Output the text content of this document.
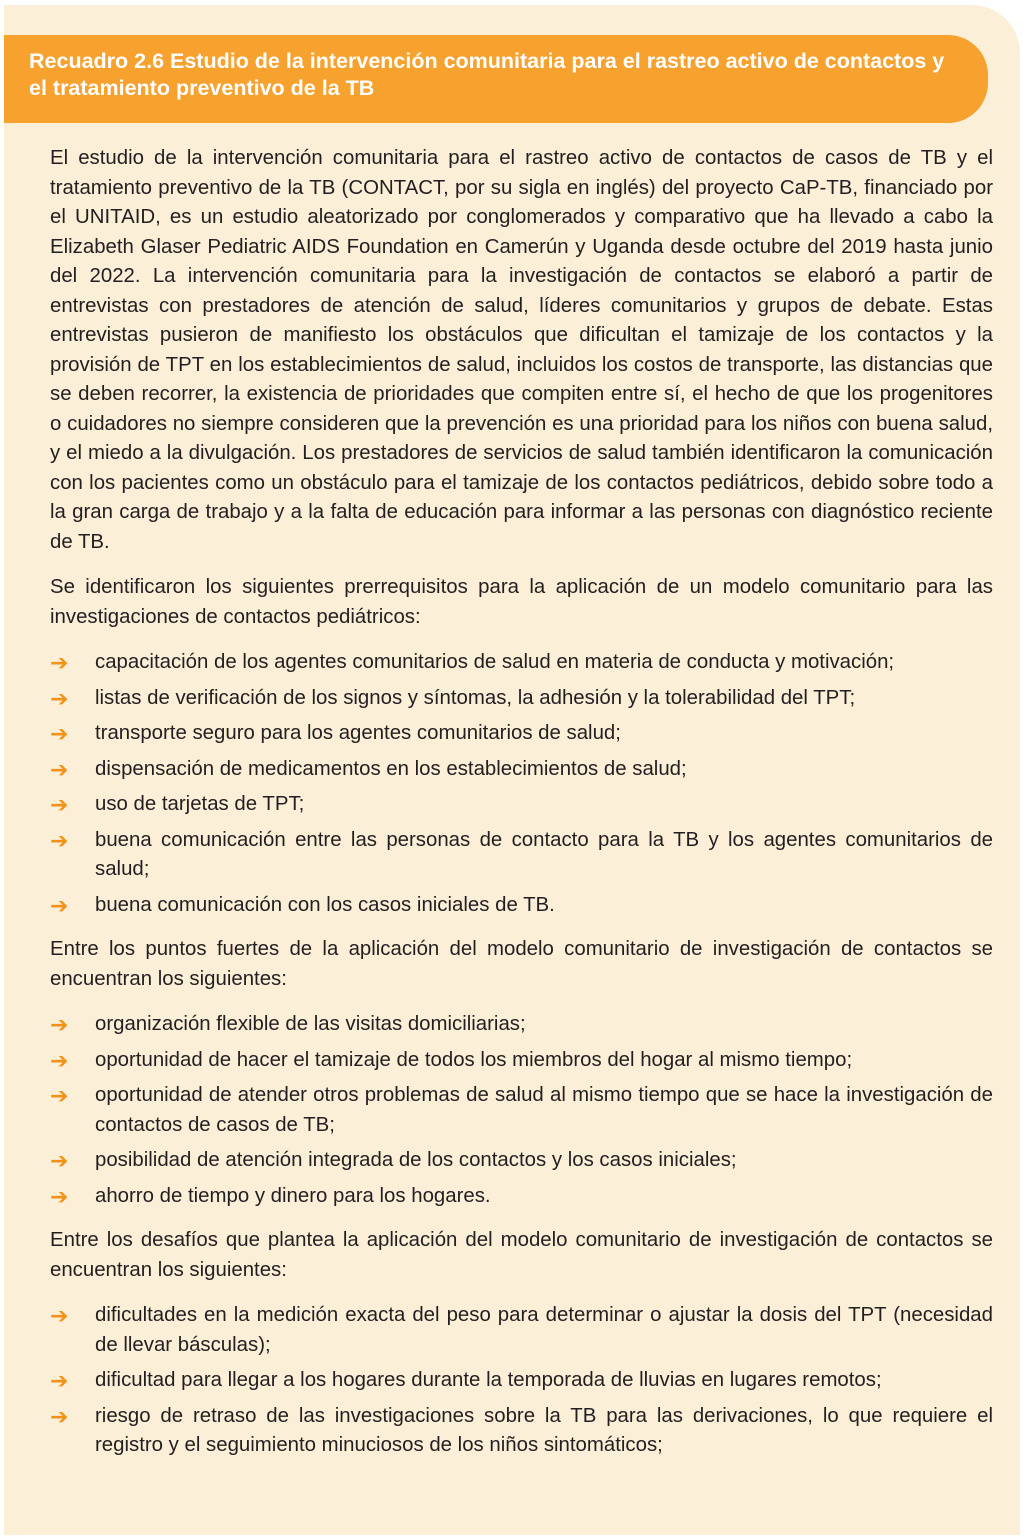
Recuadro 2.6 Estudio de la intervención comunitaria para el rastreo activo de contactos y el tratamiento preventivo de la TB

El estudio de la intervención comunitaria para el rastreo activo de contactos de casos de TB y el tratamiento preventivo de la TB (CONTACT, por su sigla en inglés) del proyecto CaP-TB, financiado por el UNITAID, es un estudio aleatorizado por conglomerados y comparativo que ha llevado a cabo la Elizabeth Glaser Pediatric AIDS Foundation en Camerún y Uganda desde octubre del 2019 hasta junio del 2022. La intervención comunitaria para la investigación de contactos se elaboró a partir de entrevistas con prestadores de atención de salud, líderes comunitarios y grupos de debate. Estas entrevistas pusieron de manifiesto los obstáculos que dificultan el tamizaje de los contactos y la provisión de TPT en los establecimientos de salud, incluidos los costos de transporte, las distancias que se deben recorrer, la existencia de prioridades que compiten entre sí, el hecho de que los progenitores o cuidadores no siempre consideren que la prevención es una prioridad para los niños con buena salud, y el miedo a la divulgación. Los prestadores de servicios de salud también identificaron la comunicación con los pacientes como un obstáculo para el tamizaje de los contactos pediátricos, debido sobre todo a la gran carga de trabajo y a la falta de educación para informar a las personas con diagnóstico reciente de TB.

Se identificaron los siguientes prerrequisitos para la aplicación de un modelo comunitario para las investigaciones de contactos pediátricos:

➔ capacitación de los agentes comunitarios de salud en materia de conducta y motivación;
➔ listas de verificación de los signos y síntomas, la adhesión y la tolerabilidad del TPT;
➔ transporte seguro para los agentes comunitarios de salud;
➔ dispensación de medicamentos en los establecimientos de salud;
➔ uso de tarjetas de TPT;
➔ buena comunicación entre las personas de contacto para la TB y los agentes comunitarios de salud;
➔ buena comunicación con los casos iniciales de TB.

Entre los puntos fuertes de la aplicación del modelo comunitario de investigación de contactos se encuentran los siguientes:

➔ organización flexible de las visitas domiciliarias;
➔ oportunidad de hacer el tamizaje de todos los miembros del hogar al mismo tiempo;
➔ oportunidad de atender otros problemas de salud al mismo tiempo que se hace la investigación de contactos de casos de TB;
➔ posibilidad de atención integrada de los contactos y los casos iniciales;
➔ ahorro de tiempo y dinero para los hogares.

Entre los desafíos que plantea la aplicación del modelo comunitario de investigación de contactos se encuentran los siguientes:

➔ dificultades en la medición exacta del peso para determinar o ajustar la dosis del TPT (necesidad de llevar básculas);
➔ dificultad para llegar a los hogares durante la temporada de lluvias en lugares remotos;
➔ riesgo de retraso de las investigaciones sobre la TB para las derivaciones, lo que requiere el registro y el seguimiento minuciosos de los niños sintomáticos;
